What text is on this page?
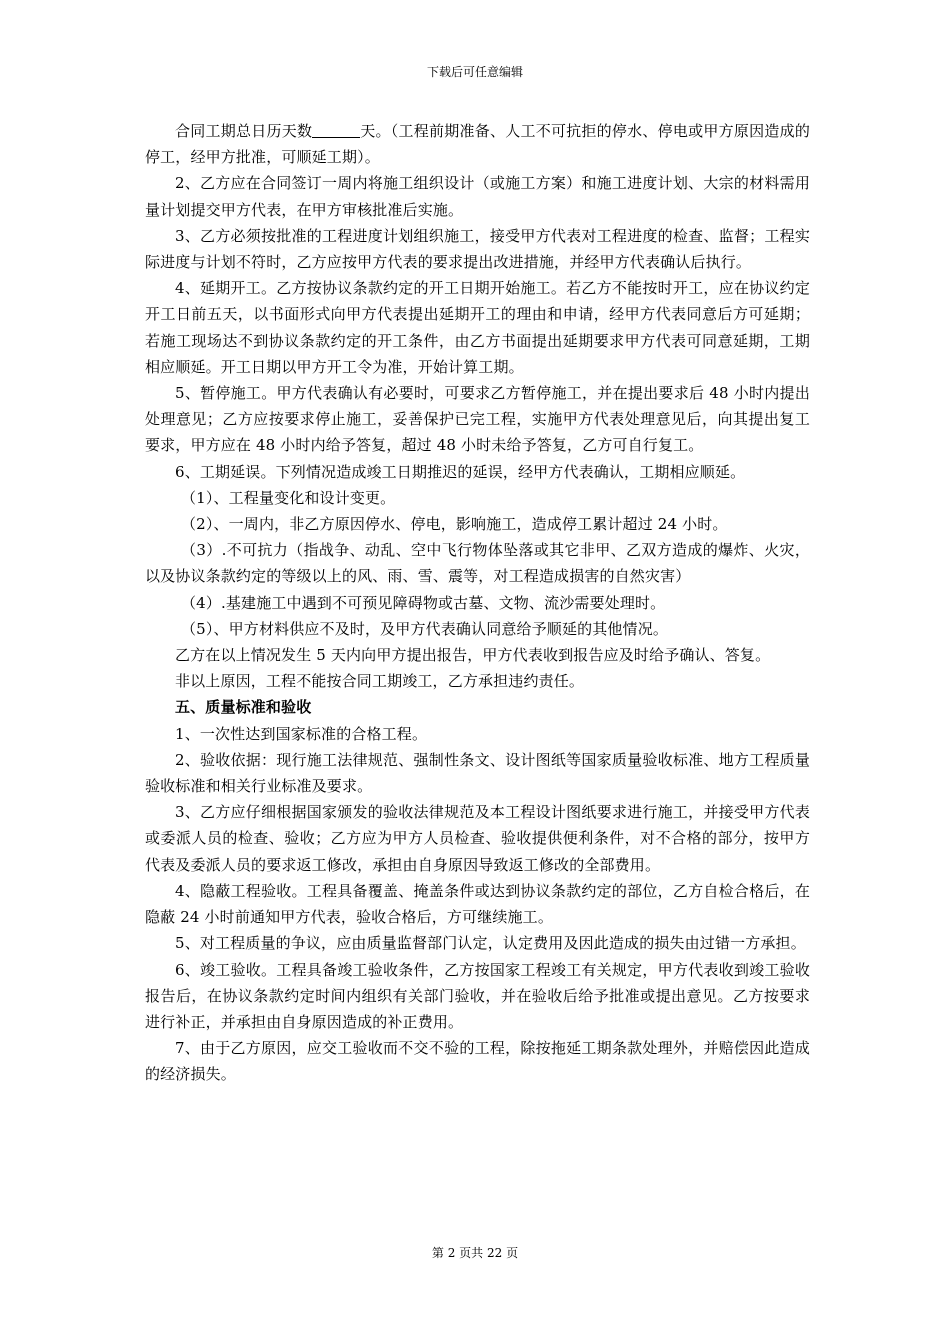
下载后可任意编辑

合同工期总日历天数	天。（工程前期准备、人工不可抗拒的停水、停电或甲方原因造成的停工，经甲方批准，可顺延工期）。

2、乙方应在合同签订一周内将施工组织设计（或施工方案）和施工进度计划、大宗的材料需用量计划提交甲方代表，在甲方审核批准后实施。

3、乙方必须按批准的工程进度计划组织施工，接受甲方代表对工程进度的检查、监督；工程实际进度与计划不符时，乙方应按甲方代表的要求提出改进措施，并经甲方代表确认后执行。

4、延期开工。乙方按协议条款约定的开工日期开始施工。若乙方不能按时开工，应在协议约定开工日前五天，以书面形式向甲方代表提出延期开工的理由和申请，经甲方代表同意后方可延期；若施工现场达不到协议条款约定的开工条件，由乙方书面提出延期要求甲方代表可同意延期，工期相应顺延。开工日期以甲方开工令为准，开始计算工期。

5、暂停施工。甲方代表确认有必要时，可要求乙方暂停施工，并在提出要求后 48 小时内提出处理意见；乙方应按要求停止施工，妥善保护已完工程，实施甲方代表处理意见后，向其提出复工要求，甲方应在 48 小时内给予答复，超过 48 小时未给予答复，乙方可自行复工。

6、工期延误。下列情况造成竣工日期推迟的延误，经甲方代表确认，工期相应顺延。

（1）、工程量变化和设计变更。

（2）、一周内，非乙方原因停水、停电，影响施工，造成停工累计超过 24 小时。

（3）.不可抗力（指战争、动乱、空中飞行物体坠落或其它非甲、乙双方造成的爆炸、火灾，以及协议条款约定的等级以上的风、雨、雪、震等，对工程造成损害的自然灾害）

（4）.基建施工中遇到不可预见障碍物或古墓、文物、流沙需要处理时。

（5）、甲方材料供应不及时，及甲方代表确认同意给予顺延的其他情况。

乙方在以上情况发生 5 天内向甲方提出报告，甲方代表收到报告应及时给予确认、答复。

非以上原因，工程不能按合同工期竣工，乙方承担违约责任。

五、质量标准和验收

1、一次性达到国家标准的合格工程。

2、验收依据：现行施工法律规范、强制性条文、设计图纸等国家质量验收标准、地方工程质量验收标准和相关行业标准及要求。

3、乙方应仔细根据国家颁发的验收法律规范及本工程设计图纸要求进行施工，并接受甲方代表或委派人员的检查、验收；乙方应为甲方人员检查、验收提供便利条件，对不合格的部分，按甲方代表及委派人员的要求返工修改，承担由自身原因导致返工修改的全部费用。

4、隐蔽工程验收。工程具备覆盖、掩盖条件或达到协议条款约定的部位，乙方自检合格后，在隐蔽 24 小时前通知甲方代表，验收合格后，方可继续施工。

5、对工程质量的争议，应由质量监督部门认定，认定费用及因此造成的损失由过错一方承担。

6、竣工验收。工程具备竣工验收条件，乙方按国家工程竣工有关规定，甲方代表收到竣工验收报告后，在协议条款约定时间内组织有关部门验收，并在验收后给予批准或提出意见。乙方按要求进行补正，并承担由自身原因造成的补正费用。

7、由于乙方原因，应交工验收而不交不验的工程，除按拖延工期条款处理外，并赔偿因此造成的经济损失。

第 2 页共 22 页
